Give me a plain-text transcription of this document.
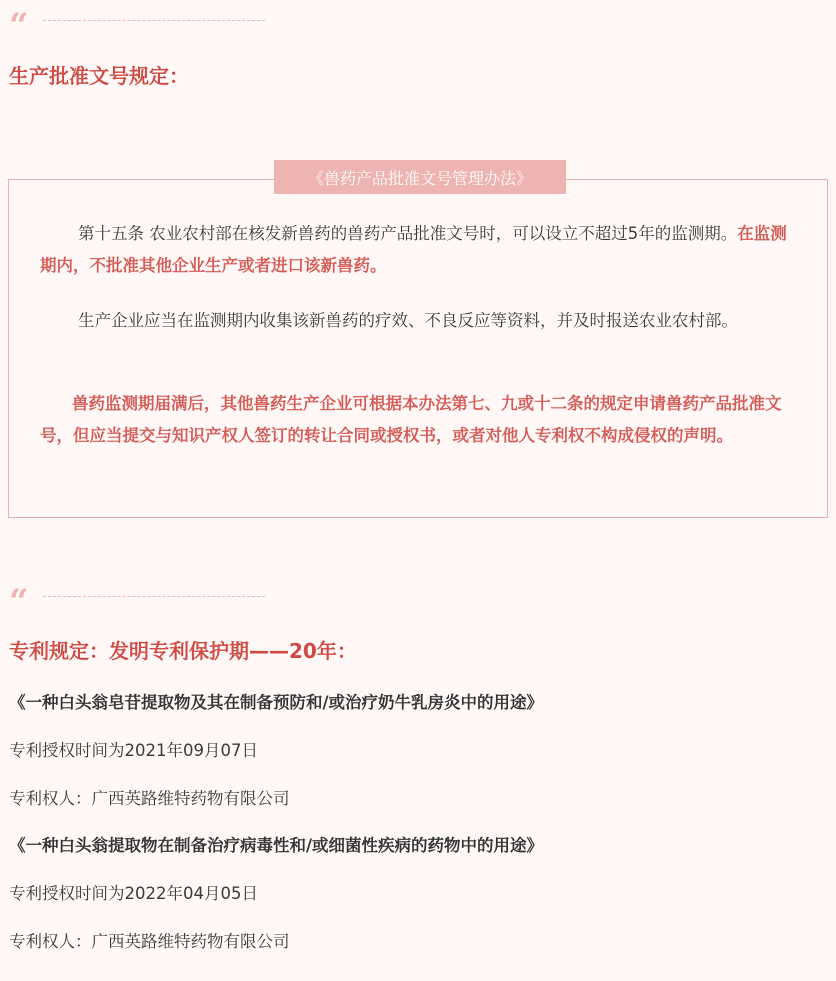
“
生产批准文号规定：
《兽药产品批准文号管理办法》
第十五条 农业农村部在核发新兽药的兽药产品批准文号时，可以设立不超过5年的监测期。在监测期内，不批准其他企业生产或者进口该新兽药。
生产企业应当在监测期内收集该新兽药的疗效、不良反应等资料，并及时报送农业农村部。
兽药监测期届满后，其他兽药生产企业可根据本办法第七、九或十二条的规定申请兽药产品批准文号，但应当提交与知识产权人签订的转让合同或授权书，或者对他人专利权不构成侵权的声明。
“
专利规定：发明专利保护期——20年：
《一种白头翁皂苷提取物及其在制备预防和/或治疗奶牛乳房炎中的用途》
专利授权时间为2021年09月07日
专利权人：广西英路维特药物有限公司
《一种白头翁提取物在制备治疗病毒性和/或细菌性疾病的药物中的用途》
专利授权时间为2022年04月05日
专利权人：广西英路维特药物有限公司
